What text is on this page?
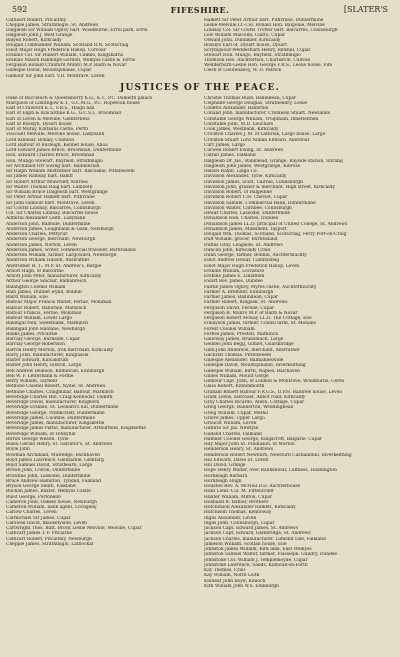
592	FIFESHIRE.	[SLATER'S
Catheart Robert, Pitcaithly
Chepple James, Strathmiglo, St. Andrews
Dalgleish Sir William Ogilvy bart. Woodburne, Errol park, Errol
Dalgleish John J. West Grange
Balyell Robert, Kirkcaldy
Dougall Commander William, Scotland R.N. Scotscraig
Elliot Major Hugh Frederick Hislop, Corvoar
Erskine Col. Sir Hubert William, Cambo, Kingsbarns
Erskine Mason Randolph Gordon, Wemyss castle & Torrie
Ferguson Ronald Craufurd Munro M.P. Raith & Novar
Gillespie David, Mountquhanie, Cupar
Gilmour Sir John bart. V.D. Montrave, Leven
Halkett Sir Peter Arthur bart. Pitfirrane, Dunfermline
Leslie-Melville Lt.-Col. Ronald Hon. Balgonie, Melville
Lindsay Col. Sir Coutts Trotter bart. Balcarres, Colinsburgh
Low William Malcolm, Clatto, Cupar
Oswald John, Dunnikier, Kirkcaldy
Rosslyn Earl of, Dysart house, Dysart
Scrymgeour-Wedderburn Henry, Birkhill, Cupar
Stewart Hon. Mungo, Bayfield, Strathmiglo
Thomson Geo. Auchtertool, Charleston, Culross
Wedderburn-Leslie Hon. George F.R.S., Leslie house, Fife
Clerk of Lieutenancy, W. D. Patrick
JUSTICES OF THE PEACE.
Duke of Buccleuch & Queensberry K.G., K.T., P.C. Dalkeith palace
Marquess of Linlithgow K.T., G.C.M.G., P.C. Hopetoun house
Earl of Crawford K.T., F.R.S., Haigh hall
Earl of Elgin & Kincardine K.G., G.C.S.I., Broomhall
Earl of Leven & Melville, Glenferness
Earl of Rosslyn, Dysart house
Earl of Moray, Kinfauns castle, Perth
Viscount Melville, Melville house, Ladybank
Lord Kinnear, Bonaly, Colinton
Lord Balfour of Burleigh, Kennet house, Alloa
Lord Edward James Bruce, Broomhall, Dunfermline
Hon. Edward Charles Bruce, Broomhall
Hon. Mungo Stewart, Bayfield, Strathmiglo
Sir Archibald Orr Ewing bart. Ballikinrain
Sir Ralph William Anstruther bart. Balcaskie, Pittenweem
Sir James Ramsay bart. Bamff
Sir Robert Arthur Moncrieff, Kinross
Sir Walter Thomas Haig bart. Lambeth
Sir William Bruce Dalgleish bart. Westgrange
Sir Peter Arthur Halkett bart. Pitfirrane
Sir John Gilmour bart. Montrave, Leven
Sir Coutts Lindsay, Balcarres, Colinsburgh
Col. Sir Charles Lindsay, Balcarres house
Admiral Alexander Leith, Ladybank
Anderson John, Balmule, Dunfermline
Anderson James, Loughbank & Gask, Newburgh
Anderson Charles, Pettycur
Anderson George, merchant, Newburgh
Anderson James, Norton, Leven
Anderson James, writer, commercial traveller, Burntisland
Anderson William, farmer, Largoward, Newburgh
Anderson William Halson, Anstruther
Anstruther H. T., M.P. St. Andrew's, Bargie
Arnott Hugh, of Balcormo
Arnott John Peter, manufacturer, Kirkcaldy
Arthur George Sinclair, Balnabreich
Babington Colonel William
Bain James, Dunnet wynd, Bonhill
Baird William, Elie
Balfour Major Francis Walter, Fernie, Monimail
Balfour Robert, Balbirnie, Markinch
Balfour Francis, Fernie, Monimail
Balfour William, Lower Largo
Ballingal Neil, Sweetbank, Markinch
Ballingall John Haldane, Newburgh
Banks James, Pitcairlie
Barclay George, Burnside, Cupar
Barclay George Robertson
Barron Henry Morton, iron merchant, Kirkcaldy
Barry John, manufacturer, Kinglassie
Baxter Edward, Kincaldrum
Baxter John Henry, Gilston, Largo
Bell Andrew Beatson, Kilduncan, Edinburgh
Bell W. F. Letterbank & Fordie
Berry William, Tayfield
Bethune Colonel Robert, Nydie, St. Andrews
Bethune Charles, Craigmillar, Balfour, Markinch
Beveridge Charles Hill, Craig Kennedar, Falkirk
Beveridge David, manufacturer, Kinghorn
Beveridge Erskine, St. Leonard's hill, Dunfermline
Beveridge George, Pittencrieff, Dunfermline
Beveridge James, Coombe, Dunfermline
Beveridge James, manufacturer, Kingskettle
Beveridge James Pattie, manufacturer, Arthurfield, Kingskettle
Beveridge William, of Tennyhill
Birrell George Wilson, Tyrie
Blaeu Gerald Henry, St. Salvator's, St. Andrews
Boyle John
Bowman Archibald, Muiredge, Buckhaven
Boyd James Lawrence, Glentarkie, Glenfarg
Boyd Samuel David, Strathearn, Largo
Brown John, Colton, Dunfermline
Brownlie John, Lassodie, Dunfermline
Bruce Andrew Hamilton, Tyndall, Falkland
Bryson George Smith, Falkland
Buchan James, Baxter, Wemyss Castle
Buist George, Portobello
Cameron John, Oakele house, Newburgh
Cameron William, bank agent, Lochgelly
Carlow Charles, Leven
Carmichael Sir James, Cupar
Carswell David, Blacketyside, Leven
Cartwright Thos. Butt, Brock Leslie Melville, Melville, Cupar
Cathcart James T. F. Pitcairlie
Cathcart Robert, Pitcaithly, Newburgh
Chepple James, Strathmiglo, Lathockar
Christie Thomas Bush, Ballindean, Cupar
Clephane George Douglas, Strathendry, Leslie
Collette Alexander, Balbirnie
Conand John, manufacturer, Cromwell Stuart, Newlands
Constable George William, Troquhain, Innerleithen
Constable John, M.D. Leuchars
Cook James, Westbank, Kirkcaldy
Crichton Charles J. M. of Lathrisk, Largo house, Largo
Crichton-Stuart Lord Ninian Edward, Aberdour
Curr James, Largo
Curwen Robert Ewing, St. Andrews
Cuthill James, Falkland
Dalgleish Dr. Jas., Bankhead, Grange, Bayside station, Stirling
Dalgleish John James, Westgrange, Kinross
Dalziel Ralph, Lingo Co.
Davidson Alexander, Tyrie, Kirkcaldy
Davidson James, Scott, Cairnie, Colinsburgh
Davidson John, grazier & merchant, High street, Kirkcaldy
Davidson Robert, of Balgeddie
Davidson Robert C.H. Cheviot, Cupar
Davidson Samuel, Commercial Bank, Dunfermline
Davidson Walter, Carnbee, Colinsburgh
Dewar Charles, Lassodie, Dunfermline
Donaldson Hon. Charles, Dundee
Donaldson James LL.D. principal of United College, St. Andrews
Donaldson James, Mansfield, Tayport
Dougall Wm. Thomas, Scotland, Scotscraig, Ferry Port-on-Craig
Duff William, grocer, Burntisland
Duffus Gray, Leagside, St. Andrews
Duncan John, Kirkcaldy Craill
Dunn George, farmer, Bonhill, Auchtermuchty
Elliot Andrew Dewar, Cambusbeg
Elliot Major Hugh Frederick Hislop, Leven
Erskine William, Lochshire
Erskine James E. Linlathen
Ewart Rev. James, Dundee
Fairlie James Ogilvy, Myres castle, Auchtermuchty
Farmer A. Bremner, Edinburgh
Farmer James, Ballindean, Cupar
Farmer Robert, Kingask, St. Andrews
Ferguson David, Ferniie, Cupar
Ferguson R. Munro M.P. of Raith & Novar
Ferguson Robert McKay LL.D. The Cottage, Elie
Finlayson James, farmer, Colinsl farm, St. Monans
Forest Colonel William
Forbes James, Preston, Markinch
Galloway James, Brunsmuch, Largo
Geddes John Begg, Gimlet, Guardbridge
Gibb John Anderson, merchant, Anstruther
Gilchrist Thomas, Pittenweem
Gillespie Alexander, Balmanieswide
Gillespie David, Mountquhanie, Inverkeithing
Gillespie William, Birth, Naples, Balchaven
Gillies William, Mount Gorge
Gilmour Capt. John, of London & Montrave, Woodburne, Ceres
Glass Robert, Kinninmonth
Graham Robert Balfour F.R.G.S., D.P.H. Baldrew house, Leven
Grant Lewis, saltcoast, Abbot road, Kirkcaldy
Gray Charles Ricardo, Alwin, Cottage, Cupar
Greig George, Bannerton, Weddingbean
Greig William, Cupar, Methil
Grieve James, Upper Largo
Groucot William, Leven
Guthrie Sir Jas. Newtyle
Gulland Charles, Falkland
Hamner Colonel George, Kingscroft, Balgarie, Cupar
Hay Major John St. Findlason, of Morton
Henderson Henry, St. Andrews
Henderson Robert Newburn, Newburn Castlandhill, Inverkeithing
Hill Edward, Davie St. Leven
Hill David, Grange
Hope Henry Walter, over Rankeillour, Luffness, Haddington
Hornbeigh Barbara
Hornbeigh Hugh
Houston Rev. A. McNeil D.D. Auchterhouse
Hunt Lieut.-Col. M. Pittencrieff
Hunter William, Milton, Cupar
Husband R. farmer, Brothers
Hutchinson Alexander Halkett, Kirkcaldy
Hutchison Thomas, Kennoway
Inglis Alexander, Leven
Inglis John, Colinsburgh, Cupar
Jackson Capt. Edward James, St. Andrews
Jackson Capt. Edward, Glenbridge, St. Andrews
Jackson Charles, manufacturer, Lomond vale, Falkland
Jameson William, Scotlan house, Elie
Johnston James William, Kirk lane, East Wemyss
Johnston Samuel Walter, farmer, Flassiepe, Guildry, Dundee
Johnstone Col. William J. Templemoyne, Cupar
Johnstone Lawrence, Sands, Kinnoull-on-Forth
Kay Thomas, Crail
Kay William, North Leith
Kinnear John Boyd, Kinloch
Kirk William John W.S. Edinburgh
